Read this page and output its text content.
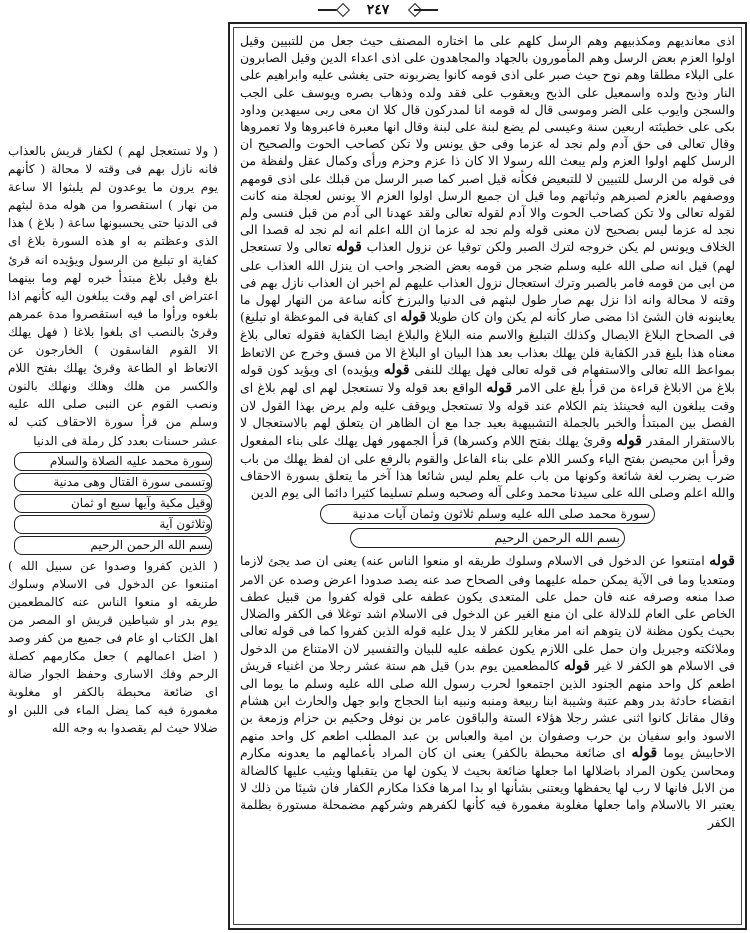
٢٤٧

اذى معانديهم ومكذبيهم وهم الرسل كلهم على ما اختاره المصنف حيث جعل من للتبيين وقيل اولوا العزم بعض الرسل وهم المأمورون بالجهاد والمجاهدون على اذى اعداء الدين وقيل الصابرون على البلاء مطلقا وهم نوح حيث صبر على اذى قومه كانوا يضربونه حتى يغشى عليه وابراهيم على النار وذبح ولده واسمعيل على الذبح ويعقوب على فقد ولده وذهاب بصره ويوسف على الجب والسجن وايوب على الضر وموسى قال له قومه انا لمدركون قال كلا ان معى ربى سيهدين وداود بكى على خطيئته اربعين سنة وعيسى لم يضع لبنة على لبنة وقال انها معبرة فاعبروها ولا تعمروها وقال تعالى فى حق آدم ولم نجد له عزما وفى حق يونس ولا تكن كصاحب الحوت والصحيح ان الرسل كلهم اولوا العزم ولم يبعث الله رسولا الا كان ذا عزم وحزم ورأى وكمال عقل ولفظة من فى قوله من الرسل للتبيين لا للتبعيض فكأنه قيل اصبر كما صبر الرسل من قبلك على اذى قومهم ووصفهم بالعزم لصبرهم وثباتهم وما قيل ان جميع الرسل اولوا العزم الا يونس لعجلة منه كانت لقوله تعالى ولا تكن كصاحب الحوت والا آدم لقوله تعالى ولقد عهدنا الى آدم من قبل فنسى ولم نجد له عزما ليس بصحيح لان معنى قوله ولم نجد له عزما ان الله اعلم انه لم نجد له قصدا الى الخلاف ويونس لم يكن خروجه لترك الصبر ولكن توقيا عن نزول العذاب قوله تعالى ولا تستعجل لهم) قيل انه صلى الله عليه وسلم ضجر من قومه بعض الضجر واحب ان ينزل الله العذاب على من ابى من قومه فامر بالصبر وترك استعجال نزول العذاب عليهم لم اخبر ان العذاب نازل بهم فى وقته لا محالة وانه اذا نزل بهم صار طول لبثهم فى الدنيا والبرزخ كأنه ساعة من النهار لهول ما يعاينونه فان الشئ اذا مضى صار كأنه لم يكن وان كان طويلا قوله اى كفاية فى الموعظة او تبليغ) فى الصحاح البلاغ الايصال وكذلك التبليغ والاسم منه البلاغ والبلاغ ايضا الكفاية فقوله تعالى بلاغ معناه هذا بليغ قدر الكفاية فلن يهلك بعذاب بعد هذا البيان او البلاغ الا من فسق وخرج عن الاتعاظ بمواعظ الله تعالى والاستفهام فى قوله تعالى فهل يهلك للنفى قوله ويؤيده) اى ويؤيد كون قوله بلاغ من الابلاغ قراءة من قرأ بلغ على الامر قوله الواقع بعد قوله ولا تستعجل لهم اى لهم بلاغ اى وقت يبلغون اليه فحينئذ يتم الكلام عند قوله ولا تستعجل ويوقف عليه ولم يرض بهذا القول لان الفصل بين المبتدأ والخبر بالجملة التشبيهية بعيد جدا مع ان الظاهر ان يتعلق لهم بالاستعجال لا بالاستقرار المقدر قوله وقرئ يهلك بفتح اللام وكسرها) قرأ الجمهور فهل يهلك على بناء المفعول وقرأ ابن محيصن بفتح الياء وكسر اللام على بناء الفاعل والقوم بالرفع على ان لفظ يهلك من باب ضرب يضرب لغة شائعة وكونها من باب علم يعلم ليس شائعا هذا آخر ما يتعلق بسورة الاحقاف والله اعلم وصلى الله على سيدنا محمد وعلى آله وصحبه وسلم تسليما كثيرا دائما الى يوم الدين

سورة محمد صلى الله عليه وسلم ثلاثون وثمان آيات مدنية
بسم الله الرحمن الرحيم

قوله امتنعوا عن الدخول فى الاسلام وسلوك طريقه او منعوا الناس عنه) يعنى ان صد يجئ لازما ومتعديا وما فى الآية يمكن حمله عليهما وفى الصحاح صد عنه يصد صدودا اعرض وصده عن الامر صدا منعه وصرفه عنه فان حمل على المتعدى يكون عطفه على قوله كفروا من قبيل عطف الخاص على العام للدلالة على ان منع الغير عن الدخول فى الاسلام اشد توغلا فى الكفر والضلال بحيث يكون مظنة لان يتوهم انه امر مغاير للكفر لا يدل عليه قوله الذين كفروا كما فى قوله تعالى وملائكته وجبريل وان حمل على اللازم يكون عطفه عليه للبيان والتفسير لان الامتناع من الدخول فى الاسلام هو الكفر لا غير قوله كالمطعمين يوم بدر) قيل هم ستة عشر رجلا من اغنياء قريش اطعم كل واحد منهم الجنود الذين اجتمعوا لحرب رسول الله صلى الله عليه وسلم ما يوما الى انقضاء حادثة بدر وهم عتبة وشيبة ابنا ربيعة ومنبه ونبيه ابنا الحجاج وابو جهل والحارث ابن هشام وقال مقاتل كانوا اثنى عشر رجلا هؤلاء الستة والباقون عامر بن نوفل وحكيم بن حزام وزمعة بن الاسود وابو سفيان بن حرب وصفوان بن امية والعباس بن عبد المطلب اطعم كل واحد منهم الاحابيش يوما قوله اى ضائعة محبطة بالكفر) يعنى ان كان المراد بأعمالهم ما يعدونه مكارم ومحاسن يكون المراد باضلالها اما جعلها ضائعة بحيث لا يكون لها من يتقبلها ويثيب عليها كالضالة من الابل فانها لا رب لها يحفظها ويعتنى بشأنها او بدا امرها فكذا مكارم الكفار فان شيئا من ذلك لا يعتبر الا بالاسلام واما جعلها مغلوبة مغمورة فيه كأنها لكفرهم وشركهم مضمحلة مستورة بظلمة الكفر

( ولا تستعجل لهم ) لكفار قريش بالعذاب فانه نازل بهم فى وقته لا محالة ( كأنهم يوم يرون ما يوعدون لم يلبثوا الا ساعة من نهار ) استقصروا من هوله مدة لبثهم فى الدنيا حتى يحسبونها ساعة ( بلاغ ) هذا الذى وعظتم به او هذه السورة بلاغ اى كفاية او تبليغ من الرسول ويؤيده انه قرئ بلغ وقيل بلاغ مبتدأ خبره لهم وما بينهما اعتراض اى لهم وقت يبلغون اليه كأنهم اذا بلغوه ورأوا ما فيه استقصروا مدة عمرهم وقرئ بالنصب اى بلغوا بلاغا ( فهل يهلك الا القوم الفاسقون ) الخارجون عن الاتعاظ او الطاعة وقرئ يهلك بفتح اللام والكسر من هلك وهلك ونهلك بالنون ونصب القوم عن النبى صلى الله عليه وسلم من قرأ سورة الاحقاف كتب له عشر حسنات بعدد كل رملة فى الدنيا

سورة محمد عليه الصلاة والسلام
وتسمى سورة القتال وهى مدنية
وقيل مكية وآيها سبع او ثمان
وثلاثون آية
بسم الله الرحمن الرحيم

( الذين كفروا وصدوا عن سبيل الله ) امتنعوا عن الدخول فى الاسلام وسلوك طريقه او منعوا الناس عنه كالمطعمين يوم بدر او شياطين قريش او المصر من اهل الكتاب او عام فى جميع من كفر وصد ( اضل اعمالهم ) جعل مكارمهم كصلة الرحم وفك الاسارى وحفظ الجوار ضالة اى ضائعة محبطة بالكفر او مغلوبة مغمورة فيه كما يضل الماء فى اللبن او ضلالا حيث لم يقصدوا به وجه الله
